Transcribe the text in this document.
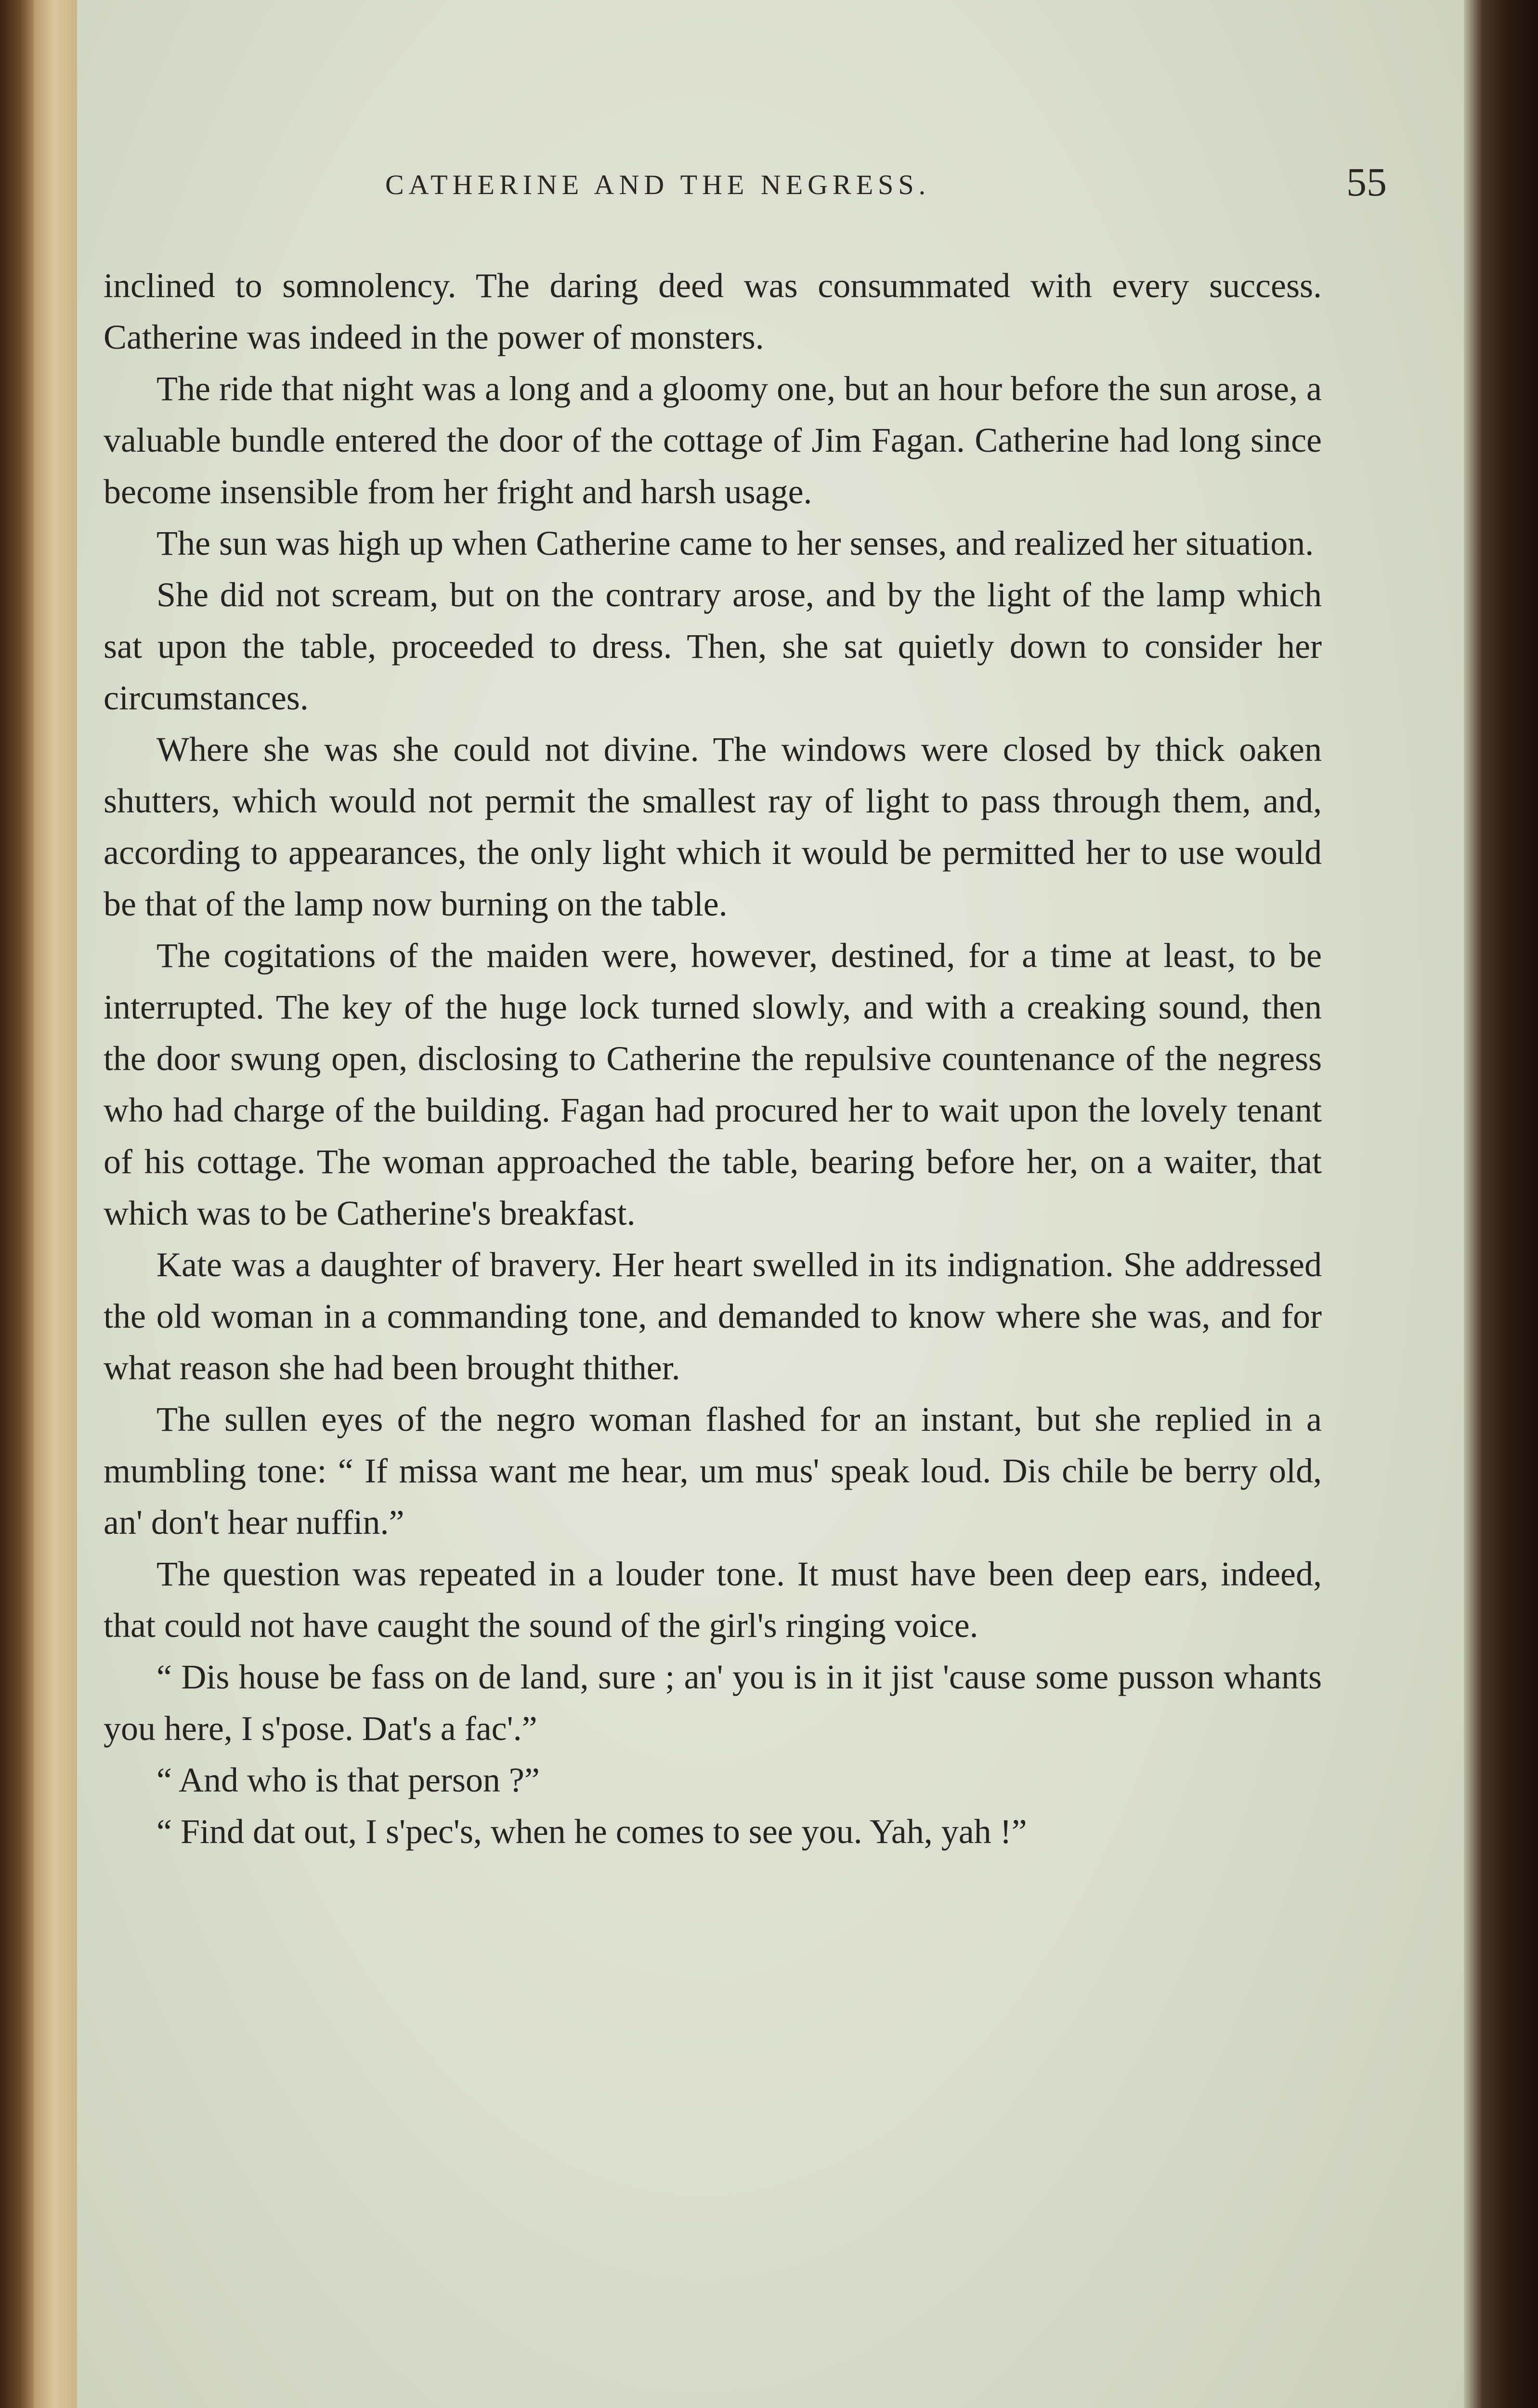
CATHERINE AND THE NEGRESS.	55

inclined to somnolency. The daring deed was consummated with every success. Catherine was indeed in the power of monsters.

The ride that night was a long and a gloomy one, but an hour before the sun arose, a valuable bundle entered the door of the cottage of Jim Fagan. Catherine had long since become insensible from her fright and harsh usage.

The sun was high up when Catherine came to her senses, and realized her situation.

She did not scream, but on the contrary arose, and by the light of the lamp which sat upon the table, proceeded to dress. Then, she sat quietly down to consider her circumstances.

Where she was she could not divine. The windows were closed by thick oaken shutters, which would not permit the smallest ray of light to pass through them, and, according to appearances, the only light which it would be permitted her to use would be that of the lamp now burning on the table.

The cogitations of the maiden were, however, destined, for a time at least, to be interrupted. The key of the huge lock turned slowly, and with a creaking sound, then the door swung open, disclosing to Catherine the repulsive countenance of the negress who had charge of the building. Fagan had procured her to wait upon the lovely tenant of his cottage. The woman approached the table, bearing before her, on a waiter, that which was to be Catherine's breakfast.

Kate was a daughter of bravery. Her heart swelled in its indignation. She addressed the old woman in a commanding tone, and demanded to know where she was, and for what reason she had been brought thither.

The sullen eyes of the negro woman flashed for an instant, but she replied in a mumbling tone: “ If missa want me hear, um mus' speak loud. Dis chile be berry old, an' don't hear nuffin.”

The question was repeated in a louder tone. It must have been deep ears, indeed, that could not have caught the sound of the girl's ringing voice.

“ Dis house be fass on de land, sure ; an' you is in it jist 'cause some pusson whants you here, I s'pose. Dat's a fac'.”

“ And who is that person ?”

“ Find dat out, I s'pec's, when he comes to see you. Yah, yah !”
